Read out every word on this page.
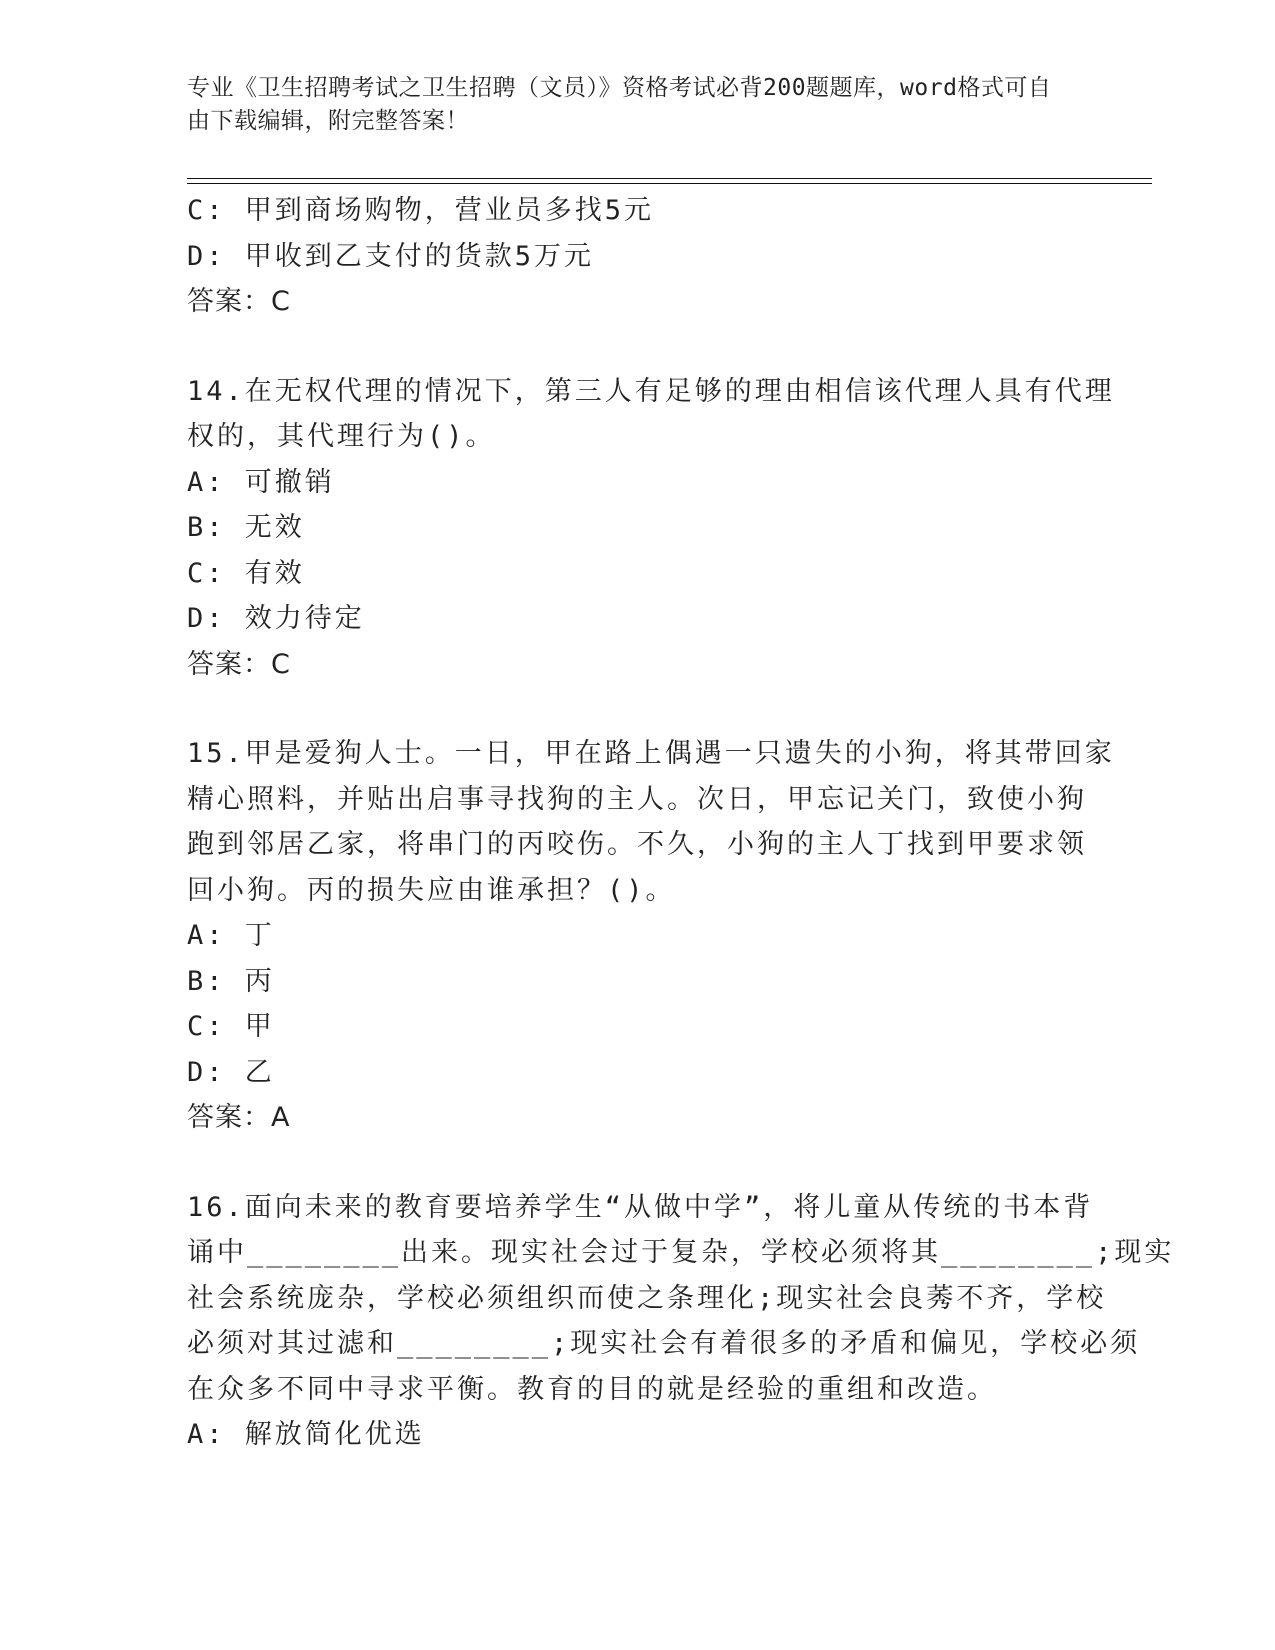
专业《卫生招聘考试之卫生招聘（文员）》资格考试必背200题题库，word格式可自由下载编辑，附完整答案！
C: 甲到商场购物，营业员多找5元
D: 甲收到乙支付的货款5万元
答案：C
14.在无权代理的情况下，第三人有足够的理由相信该代理人具有代理
权的，其代理行为()。
A: 可撤销
B: 无效
C: 有效
D: 效力待定
答案：C
15.甲是爱狗人士。一日，甲在路上偶遇一只遗失的小狗，将其带回家
精心照料，并贴出启事寻找狗的主人。次日，甲忘记关门，致使小狗
跑到邻居乙家，将串门的丙咬伤。不久，小狗的主人丁找到甲要求领
回小狗。丙的损失应由谁承担？()。
A: 丁
B: 丙
C: 甲
D: 乙
答案：A
16.面向未来的教育要培养学生“从做中学”，将儿童从传统的书本背
诵中________出来。现实社会过于复杂，学校必须将其________;现实
社会系统庞杂，学校必须组织而使之条理化;现实社会良莠不齐，学校
必须对其过滤和________;现实社会有着很多的矛盾和偏见，学校必须
在众多不同中寻求平衡。教育的目的就是经验的重组和改造。
A: 解放简化优选
